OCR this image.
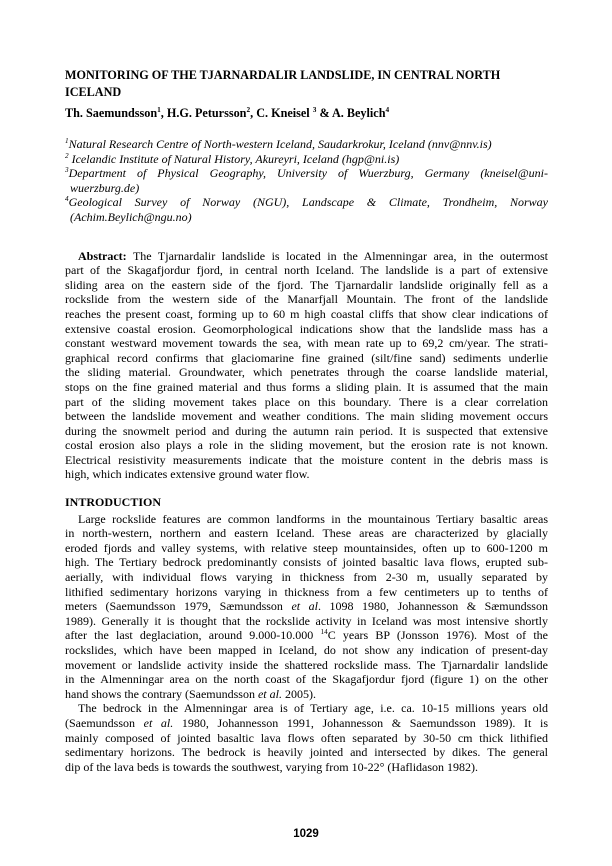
MONITORING OF THE TJARNARDALIR LANDSLIDE, IN CENTRAL NORTH
ICELAND
Th. Saemundsson$^1$, H.G. Petursson$^2$, C. Kneisel $^3$ & A. Beylich$^4$
$^1$Natural Research Centre of North-western Iceland, Saudarkrokur, Iceland (nnv@nnv.is)
$^2$ Icelandic Institute of Natural History, Akureyri, Iceland (hgp@ni.is)
$^3$Department of Physical Geography, University of Wuerzburg, Germany (kneisel@uni-
wuerzburg.de)
$^4$Geological Survey of Norway (NGU), Landscape & Climate, Trondheim, Norway
(Achim.Beylich@ngu.no)
Abstract: The Tjarnardalir landslide is located in the Almenningar area, in the outermost
part of the Skagafjordur fjord, in central north Iceland. The landslide is a part of extensive
sliding area on the eastern side of the fjord. The Tjarnardalir landslide originally fell as a
rockslide from the western side of the Manarfjall Mountain. The front of the landslide
reaches the present coast, forming up to 60 m high coastal cliffs that show clear indications of
extensive coastal erosion. Geomorphological indications show that the landslide mass has a
constant westward movement towards the sea, with mean rate up to 69,2 cm/year. The strati-
graphical record confirms that glaciomarine fine grained (silt/fine sand) sediments underlie
the sliding material. Groundwater, which penetrates through the coarse landslide material,
stops on the fine grained material and thus forms a sliding plain. It is assumed that the main
part of the sliding movement takes place on this boundary. There is a clear correlation
between the landslide movement and weather conditions. The main sliding movement occurs
during the snowmelt period and during the autumn rain period. It is suspected that extensive
costal erosion also plays a role in the sliding movement, but the erosion rate is not known.
Electrical resistivity measurements indicate that the moisture content in the debris mass is
high, which indicates extensive ground water flow.
INTRODUCTION
Large rockslide features are common landforms in the mountainous Tertiary basaltic areas
in north-western, northern and eastern Iceland. These areas are characterized by glacially
eroded fjords and valley systems, with relative steep mountainsides, often up to 600-1200 m
high. The Tertiary bedrock predominantly consists of jointed basaltic lava flows, erupted sub-
aerially, with individual flows varying in thickness from 2-30 m, usually separated by
lithified sedimentary horizons varying in thickness from a few centimeters up to tenths of
meters (Saemundsson 1979, Sæmundsson et al. 1098 1980, Johannesson & Sæmundsson
1989). Generally it is thought that the rockslide activity in Iceland was most intensive shortly
after the last deglaciation, around 9.000-10.000 $^{14}$C years BP (Jonsson 1976). Most of the
rockslides, which have been mapped in Iceland, do not show any indication of present-day
movement or landslide activity inside the shattered rockslide mass. The Tjarnardalir landslide
in the Almenningar area on the north coast of the Skagafjordur fjord (figure 1) on the other
hand shows the contrary (Saemundsson et al. 2005).
The bedrock in the Almenningar area is of Tertiary age, i.e. ca. 10-15 millions years old
(Saemundsson et al. 1980, Johannesson 1991, Johannesson & Saemundsson 1989). It is
mainly composed of jointed basaltic lava flows often separated by 30-50 cm thick lithified
sedimentary horizons. The bedrock is heavily jointed and intersected by dikes. The general
dip of the lava beds is towards the southwest, varying from 10-22° (Haflidason 1982).
1029
